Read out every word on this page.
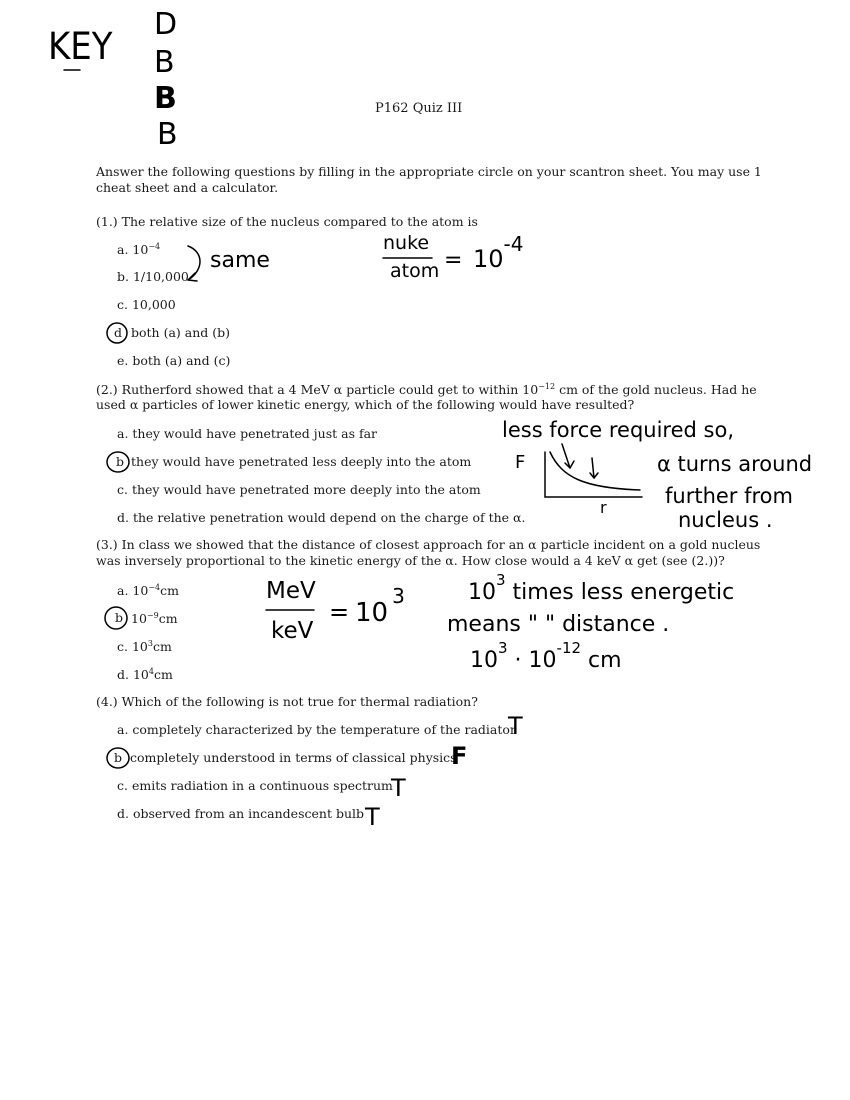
KEY
D
B
B
B
P162 Quiz III
Answer the following questions by filling in the appropriate circle on your scantron sheet. You may use 1
cheat sheet and a calculator.
(1.) The relative size of the nucleus compared to the atom is
a. $10^{-4}$
b. 1/10,000
c. 10,000
d both (a) and (b)
e. both (a) and (c)
same
nuke
atom = $10^{-4}$
(2.) Rutherford showed that a 4 MeV α particle could get to within $10^{-12}$ cm of the gold nucleus. Had he
used α particles of lower kinetic energy, which of the following would have resulted?
a. they would have penetrated just as far
b they would have penetrated less deeply into the atom
c. they would have penetrated more deeply into the atom
d. the relative penetration would depend on the charge of the α.
less force required so,
F
r
α turns around
further from
nucleus .
(3.) In class we showed that the distance of closest approach for an α particle incident on a gold nucleus
was inversely proportional to the kinetic energy of the α. How close would a 4 keV α get (see (2.))?
a. $10^{-4}cm$
b $10^{-9}cm$
c. $10^3cm$
d. $10^4cm$
MeV
keV
= $10^3$	$10^3$ times less energetic
means " " distance .
$10^3 \cdot 10^{-12}$ cm
(4.) Which of the following is not true for thermal radiation?
a. completely characterized by the temperature of the radiator
b completely understood in terms of classical physics
c. emits radiation in a continuous spectrum
d. observed from an incandescent bulb
T
F
T
T
